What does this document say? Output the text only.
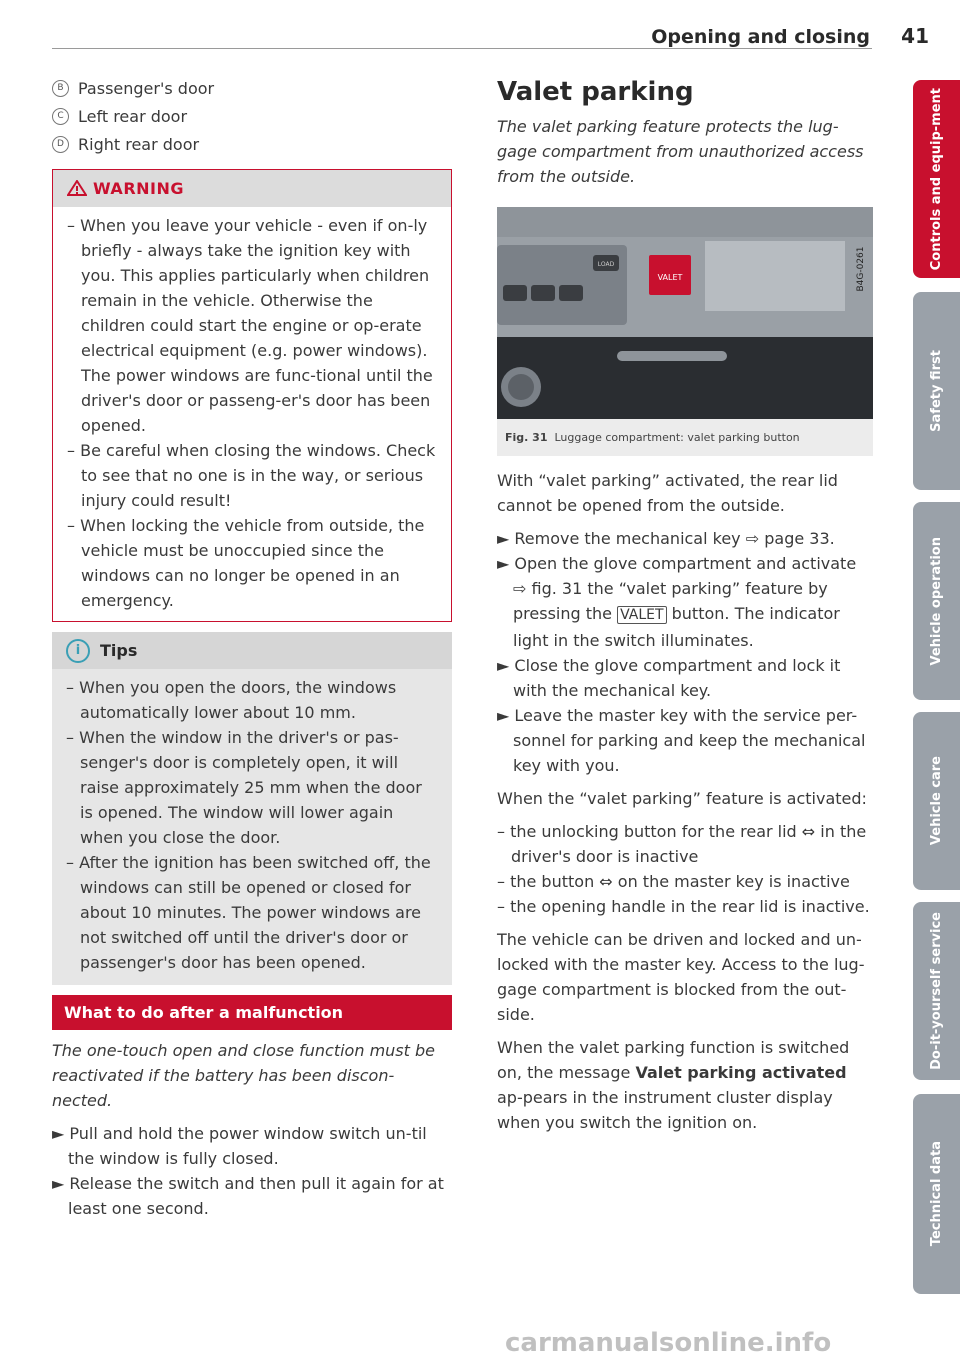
Opening and closing 41
B Passenger's door
C Left rear door
D Right rear door
WARNING
– When you leave your vehicle - even if on-ly briefly - always take the ignition key with you. This applies particularly when children remain in the vehicle. Otherwise the children could start the engine or op-erate electrical equipment (e.g. power windows). The power windows are func-tional until the driver's door or passeng-er's door has been opened.
– Be careful when closing the windows. Check to see that no one is in the way, or serious injury could result!
– When locking the vehicle from outside, the vehicle must be unoccupied since the windows can no longer be opened in an emergency.
i	Tips
– When you open the doors, the windows automatically lower about 10 mm.
– When the window in the driver's or pas-senger's door is completely open, it will raise approximately 25 mm when the door is opened. The window will lower again when you close the door.
– After the ignition has been switched off, the windows can still be opened or closed for about 10 minutes. The power windows are not switched off until the driver's door or passenger's door has been opened.
What to do after a malfunction
The one-touch open and close function must be reactivated if the battery has been discon-nected.
► Pull and hold the power window switch un-til the window is fully closed.
► Release the switch and then pull it again for at least one second.
Valet parking
The valet parking feature protects the lug-gage compartment from unauthorized access from the outside.
LOAD
VALET	B4G-0261
Fig. 31 Luggage compartment: valet parking button
With “valet parking” activated, the rear lid cannot be opened from the outside.
► Remove the mechanical key ⇨ page 33.
► Open the glove compartment and activate ⇨ fig. 31 the “valet parking” feature by pressing the VALET button. The indicator light in the switch illuminates.
► Close the glove compartment and lock it with the mechanical key.
► Leave the master key with the service per-sonnel for parking and keep the mechanical key with you.
When the “valet parking” feature is activated:
– the unlocking button for the rear lid ⇔ in the driver's door is inactive
– the button ⇔ on the master key is inactive
– the opening handle in the rear lid is inactive.
The vehicle can be driven and locked and un-locked with the master key. Access to the lug-gage compartment is blocked from the out-side.
When the valet parking function is switched on, the message Valet parking activated ap-pears in the instrument cluster display when you switch the ignition on.
Controls and equip-ment
Safety first
Vehicle operation
Vehicle care
Do-it-yourself service
Technical data
carmanualsonline.info
